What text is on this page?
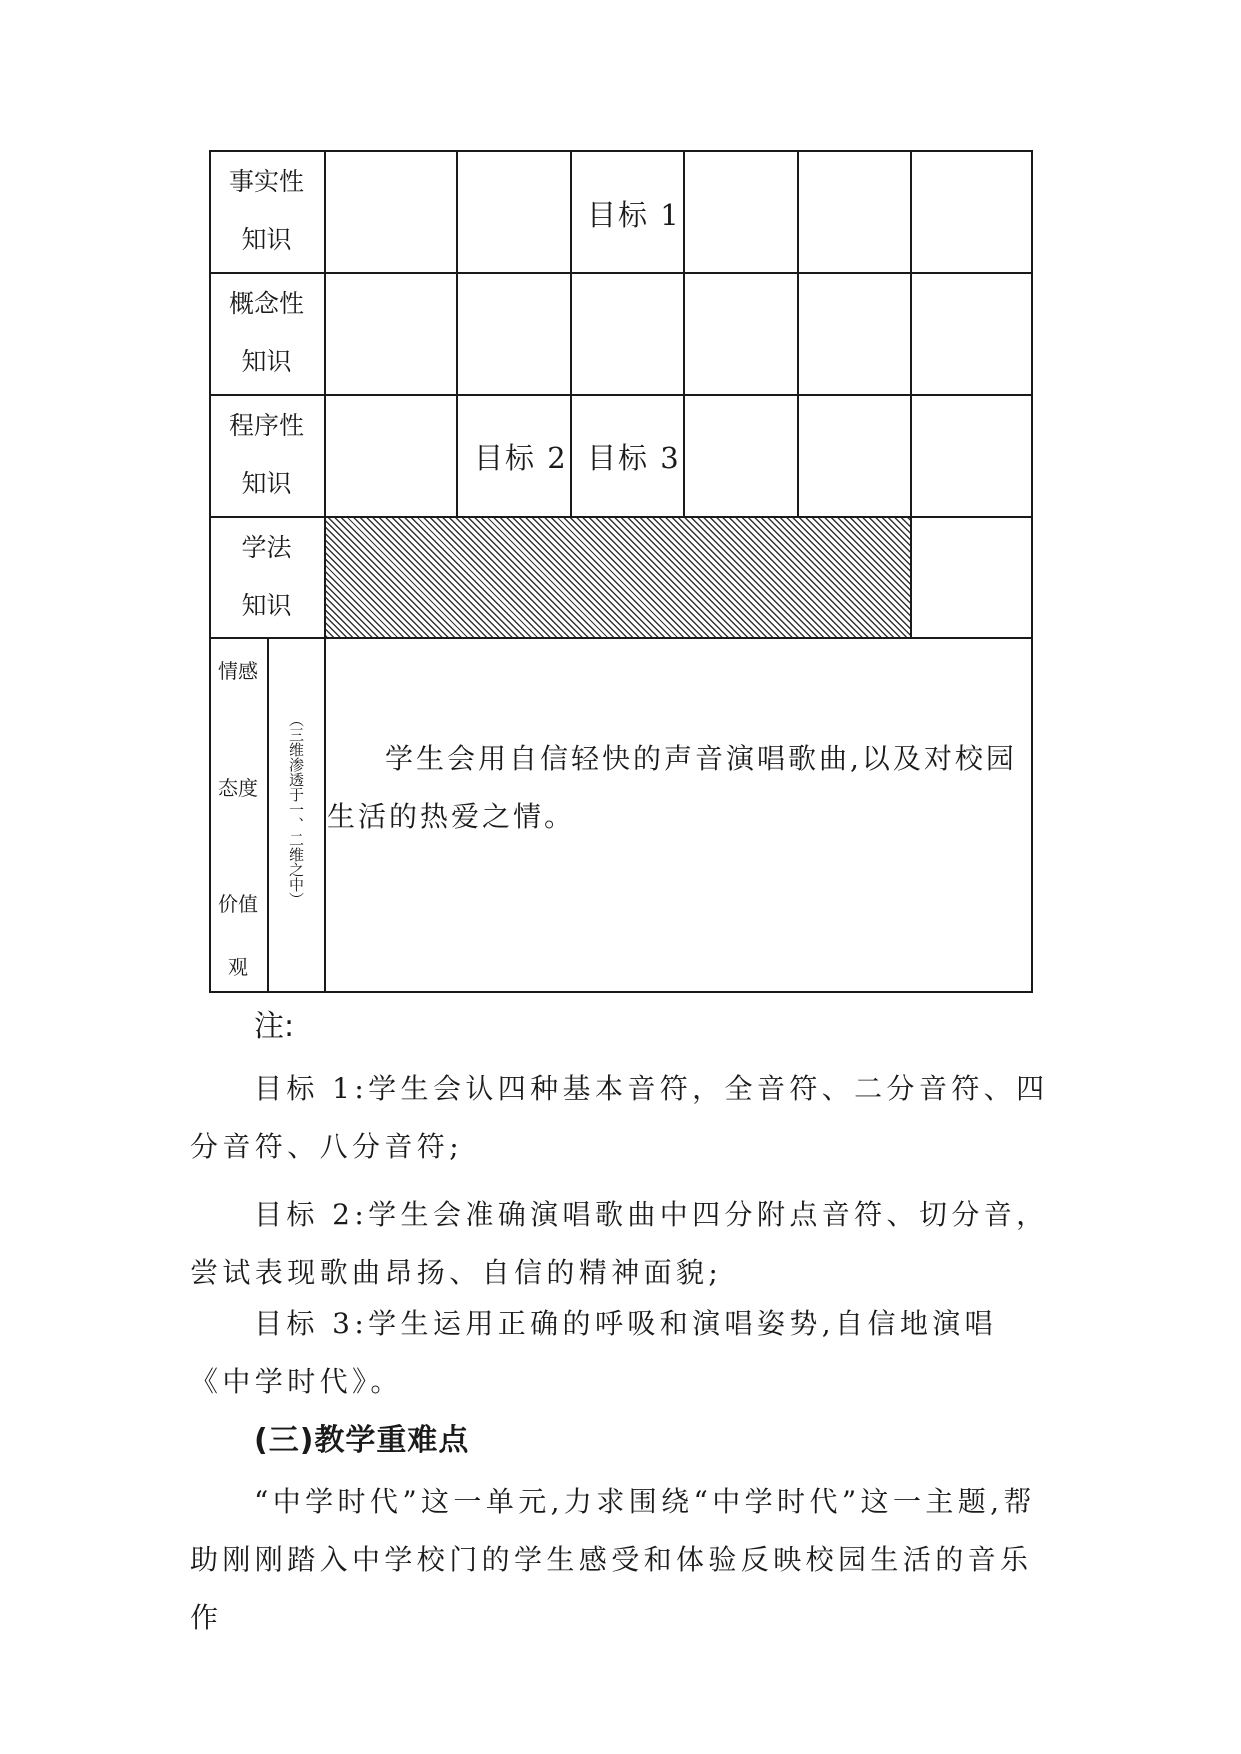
事实性
知识
目标 1
概念性
知识
程序性
知识
目标 2 目标 3
学法
知识
情感
态度
价值
观
（三维渗透于一、二维之中）	学生会用自信轻快的声音演唱歌曲,以及对校园生活的热爱之情。
注:
目标 1:学生会认四种基本音符，全音符、二分音符、四分音符、八分音符;
目标 2:学生会准确演唱歌曲中四分附点音符、切分音，尝试表现歌曲昂扬、自信的精神面貌;
目标 3:学生运用正确的呼吸和演唱姿势,自信地演唱《中学时代》。
(三)教学重难点
“中学时代”这一单元,力求围绕“中学时代”这一主题,帮助刚刚踏入中学校门的学生感受和体验反映校园生活的音乐作
